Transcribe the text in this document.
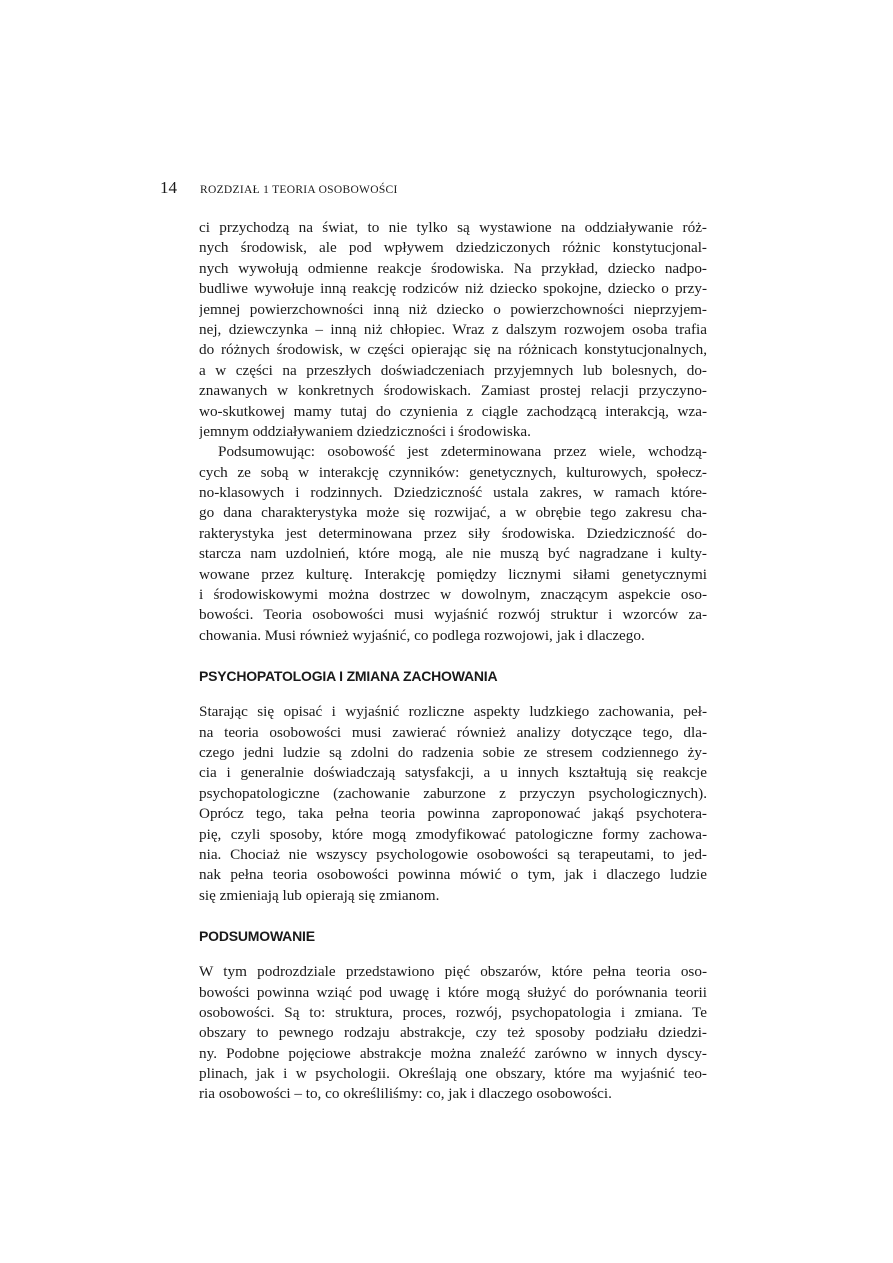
14	ROZDZIAŁ 1 TEORIA OSOBOWOŚCI
ci przychodzą na świat, to nie tylko są wystawione na oddziaływanie róż-
nych środowisk, ale pod wpływem dziedziczonych różnic konstytucjonal-
nych wywołują odmienne reakcje środowiska. Na przykład, dziecko nadpo-
budliwe wywołuje inną reakcję rodziców niż dziecko spokojne, dziecko o przy-
jemnej powierzchowności inną niż dziecko o powierzchowności nieprzyjem-
nej, dziewczynka – inną niż chłopiec. Wraz z dalszym rozwojem osoba trafia
do różnych środowisk, w części opierając się na różnicach konstytucjonalnych,
a w części na przeszłych doświadczeniach przyjemnych lub bolesnych, do-
znawanych w konkretnych środowiskach. Zamiast prostej relacji przyczyno-
wo-skutkowej mamy tutaj do czynienia z ciągle zachodzącą interakcją, wza-
jemnym oddziaływaniem dziedziczności i środowiska.
Podsumowując: osobowość jest zdeterminowana przez wiele, wchodzą-
cych ze sobą w interakcję czynników: genetycznych, kulturowych, społecz-
no-klasowych i rodzinnych. Dziedziczność ustala zakres, w ramach które-
go dana charakterystyka może się rozwijać, a w obrębie tego zakresu cha-
rakterystyka jest determinowana przez siły środowiska. Dziedziczność do-
starcza nam uzdolnień, które mogą, ale nie muszą być nagradzane i kulty-
wowane przez kulturę. Interakcję pomiędzy licznymi siłami genetycznymi
i środowiskowymi można dostrzec w dowolnym, znaczącym aspekcie oso-
bowości. Teoria osobowości musi wyjaśnić rozwój struktur i wzorców za-
chowania. Musi również wyjaśnić, co podlega rozwojowi, jak i dlaczego.
PSYCHOPATOLOGIA I ZMIANA ZACHOWANIA
Starając się opisać i wyjaśnić rozliczne aspekty ludzkiego zachowania, peł-
na teoria osobowości musi zawierać również analizy dotyczące tego, dla-
czego jedni ludzie są zdolni do radzenia sobie ze stresem codziennego ży-
cia i generalnie doświadczają satysfakcji, a u innych kształtują się reakcje
psychopatologiczne (zachowanie zaburzone z przyczyn psychologicznych).
Oprócz tego, taka pełna teoria powinna zaproponować jakąś psychotera-
pię, czyli sposoby, które mogą zmodyfikować patologiczne formy zachowa-
nia. Chociaż nie wszyscy psychologowie osobowości są terapeutami, to jed-
nak pełna teoria osobowości powinna mówić o tym, jak i dlaczego ludzie
się zmieniają lub opierają się zmianom.
PODSUMOWANIE
W tym podrozdziale przedstawiono pięć obszarów, które pełna teoria oso-
bowości powinna wziąć pod uwagę i które mogą służyć do porównania teorii
osobowości. Są to: struktura, proces, rozwój, psychopatologia i zmiana. Te
obszary to pewnego rodzaju abstrakcje, czy też sposoby podziału dziedzi-
ny. Podobne pojęciowe abstrakcje można znaleźć zarówno w innych dyscy-
plinach, jak i w psychologii. Określają one obszary, które ma wyjaśnić teo-
ria osobowości – to, co określiliśmy: co, jak i dlaczego osobowości.
